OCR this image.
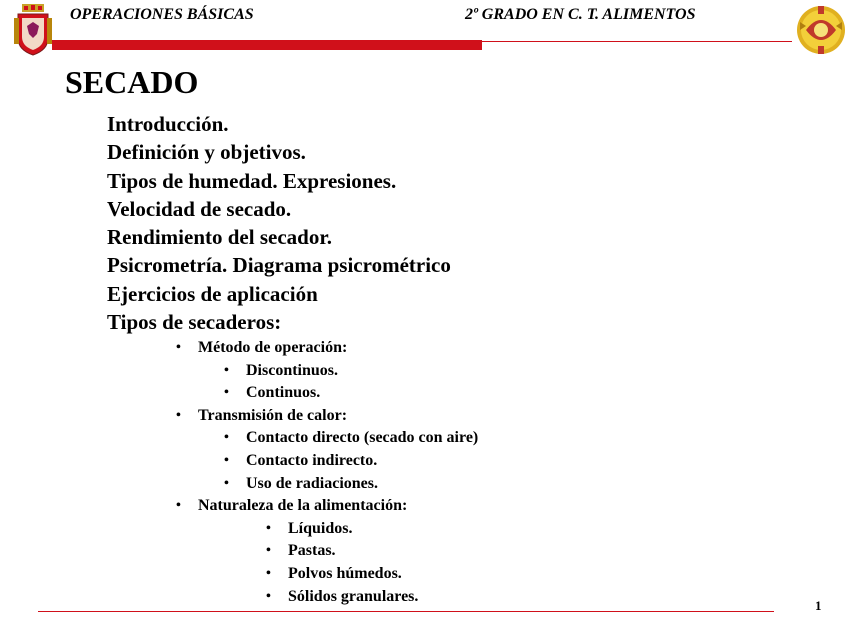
OPERACIONES BÁSICAS	2º GRADO EN C. T. ALIMENTOS
SECADO
Introducción.
Definición y objetivos.
Tipos de humedad. Expresiones.
Velocidad de secado.
Rendimiento del secador.
Psicrometría. Diagrama psicrométrico
Ejercicios de aplicación
Tipos de secaderos:
• Método de operación:
• Discontinuos.
• Continuos.
• Transmisión de calor:
• Contacto directo (secado con aire)
• Contacto indirecto.
• Uso de radiaciones.
• Naturaleza de la alimentación:
• Líquidos.
• Pastas.
• Polvos húmedos.
• Sólidos granulares.
1
